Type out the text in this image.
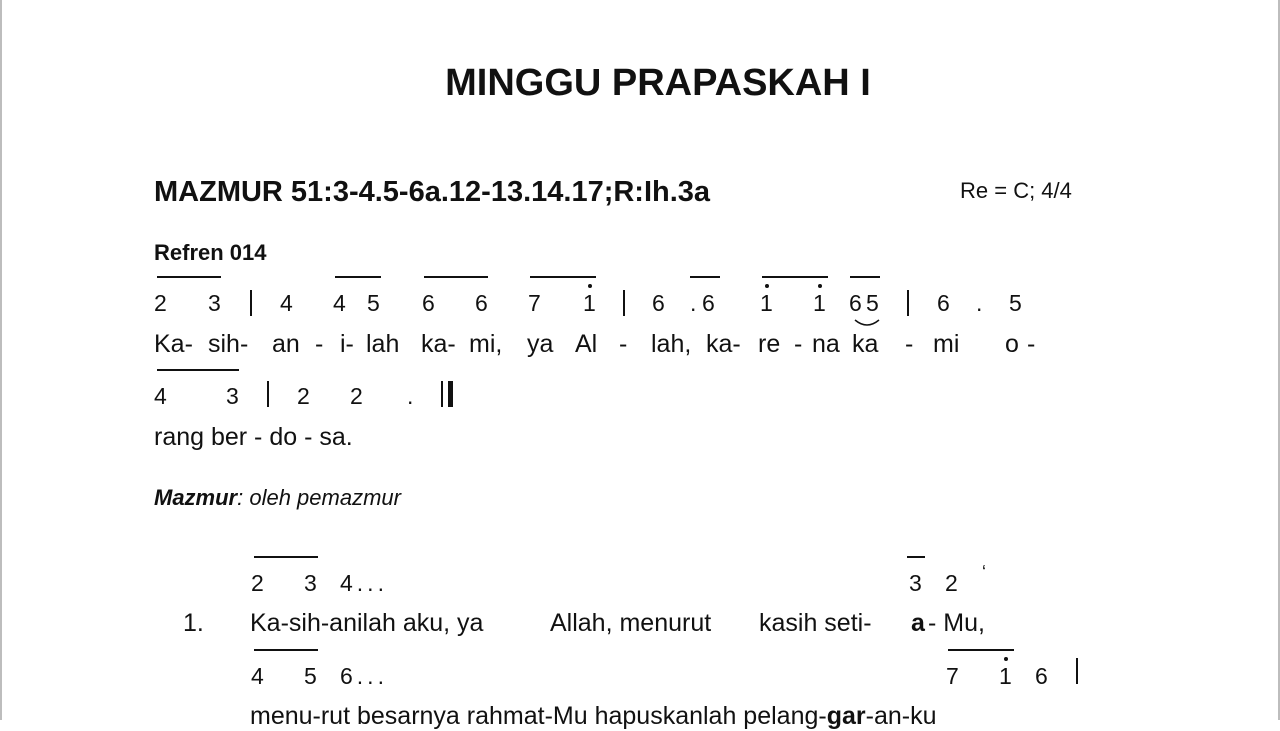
MINGGU PRAPASKAH I
MAZMUR 51:3-4.5-6a.12-13.14.17;R:Ih.3a	Re = C; 4/4
Refren 014
2 3	4 4 5 6 6 7 1 6 . 6 1 1 6 5	6 . 5
Ka- sih- an - i- lah ka- mi, ya Al - lah, ka- re - na ka - mi o -
4	3	2 2 .
rang ber - do - sa.
Mazmur: oleh pemazmur
2 3 4...	3 2 ‘
1. Ka-sih-anilah aku, ya	Allah, menurut kasih seti- a - Mu,
4 5 6...	7 1 6
menu-rut besarnya rahmat-Mu hapuskanlah pelang-gar-an-ku
